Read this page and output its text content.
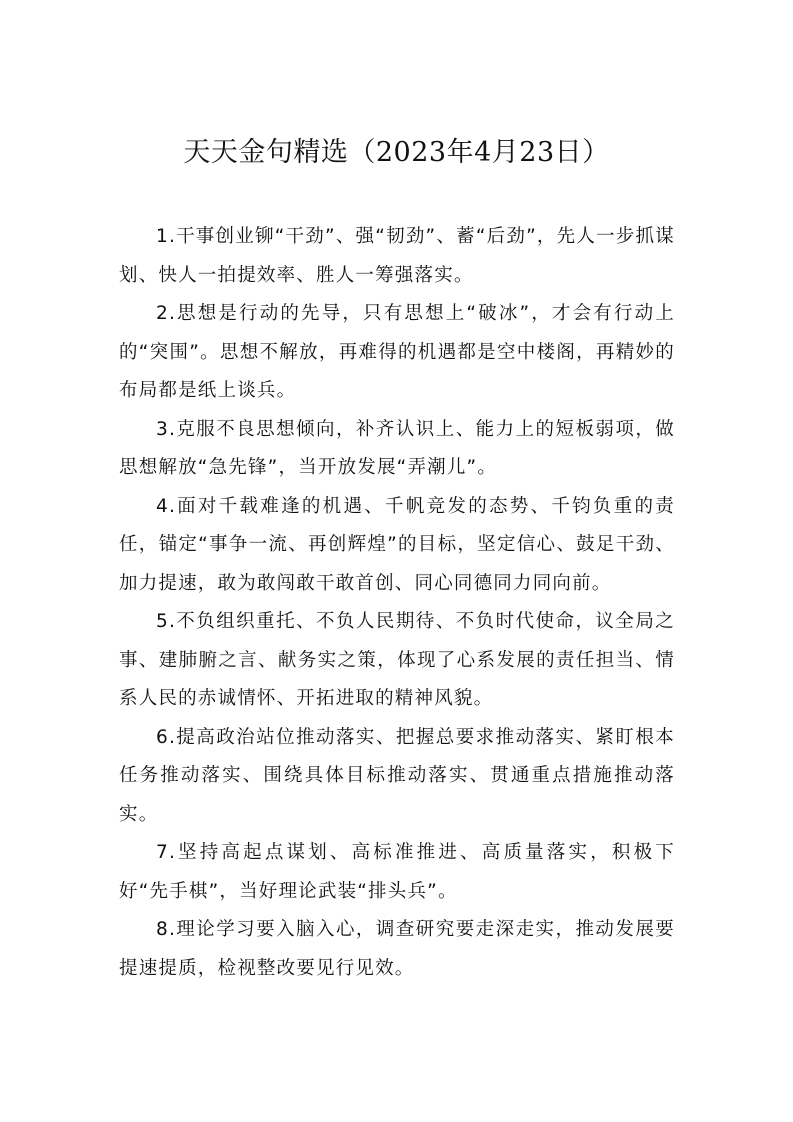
天天金句精选（2023年4月23日）

1.干事创业铆“干劲”、强“韧劲”、蓄“后劲”，先人一步抓谋划、快人一拍提效率、胜人一筹强落实。

2.思想是行动的先导，只有思想上“破冰”，才会有行动上的“突围”。思想不解放，再难得的机遇都是空中楼阁，再精妙的布局都是纸上谈兵。

3.克服不良思想倾向，补齐认识上、能力上的短板弱项，做思想解放“急先锋”，当开放发展“弄潮儿”。

4.面对千载难逢的机遇、千帆竞发的态势、千钧负重的责任，锚定“事争一流、再创辉煌”的目标，坚定信心、鼓足干劲、加力提速，敢为敢闯敢干敢首创、同心同德同力同向前。

5.不负组织重托、不负人民期待、不负时代使命，议全局之事、建肺腑之言、献务实之策，体现了心系发展的责任担当、情系人民的赤诚情怀、开拓进取的精神风貌。

6.提高政治站位推动落实、把握总要求推动落实、紧盯根本任务推动落实、围绕具体目标推动落实、贯通重点措施推动落实。

7.坚持高起点谋划、高标准推进、高质量落实，积极下好“先手棋”，当好理论武装“排头兵”。

8.理论学习要入脑入心，调查研究要走深走实，推动发展要提速提质，检视整改要见行见效。
